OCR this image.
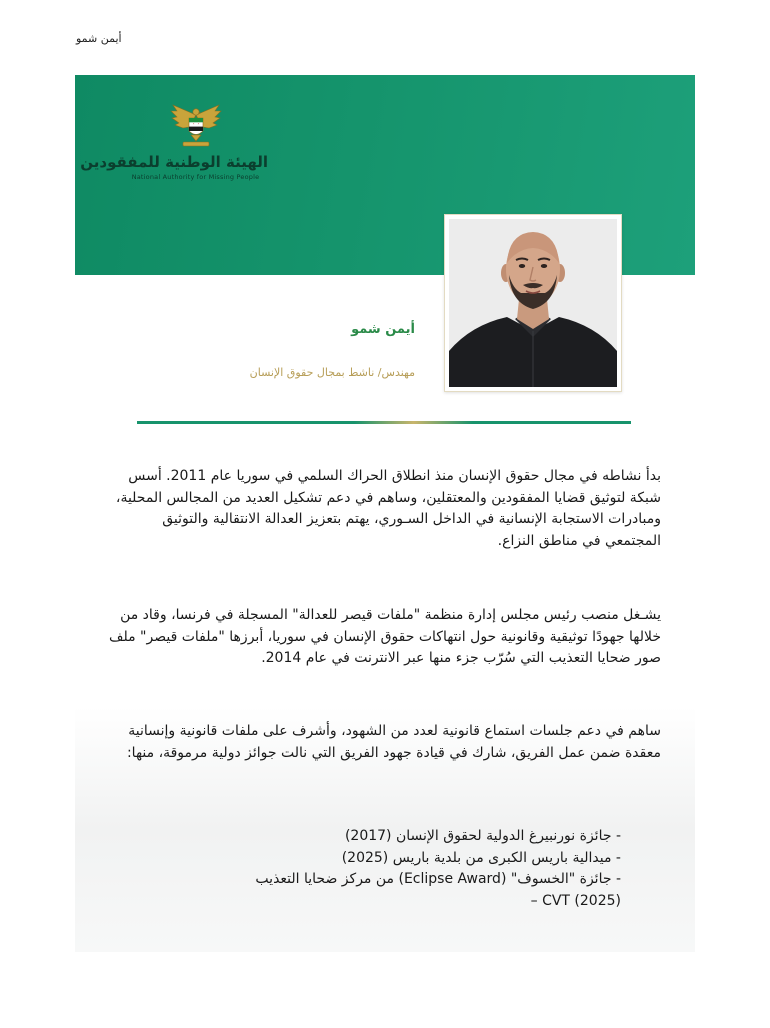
أيمن شمو
الهيئة الوطنية للمفقودين
National Authority for Missing People
أيمن شمو
مهندس/ ناشط بمجال حقوق الإنسان

بدأ نشاطه في مجال حقوق الإنسان منذ انطلاق الحراك السلمي في سوريا عام 2011. أسس شبكة لتوثيق قضايا المفقودين والمعتقلين، وساهم في دعم تشكيل العديد من المجالس المحلية، ومبادرات الاستجابة الإنسانية في الداخل السـوري، يهتم بتعزيز العدالة الانتقالية والتوثيق المجتمعي في مناطق النزاع.

يشـغل منصب رئيس مجلس إدارة منظمة "ملفات قيصر للعدالة" المسجلة في فرنسا، وقاد من خلالها جهودًا توثيقية وقانونية حول انتهاكات حقوق الإنسان في سوريا، أبرزها "ملفات قيصر" ملف صور ضحايا التعذيب التي سُرّب جزء منها عبر الانترنت في عام 2014.

ساهم في دعم جلسات استماع قانونية لعدد من الشهود، وأشرف على ملفات قانونية وإنسانية معقدة ضمن عمل الفريق، شارك في قيادة جهود الفريق التي نالت جوائز دولية مرموقة، منها:

- جائزة نورنبيرغ الدولية لحقوق الإنسان (2017)
- ميدالية باريس الكبرى من بلدية باريس (2025)
- جائزة "الخسوف" (Eclipse Award) من مركز ضحايا التعذيب
CVT (2025) –
